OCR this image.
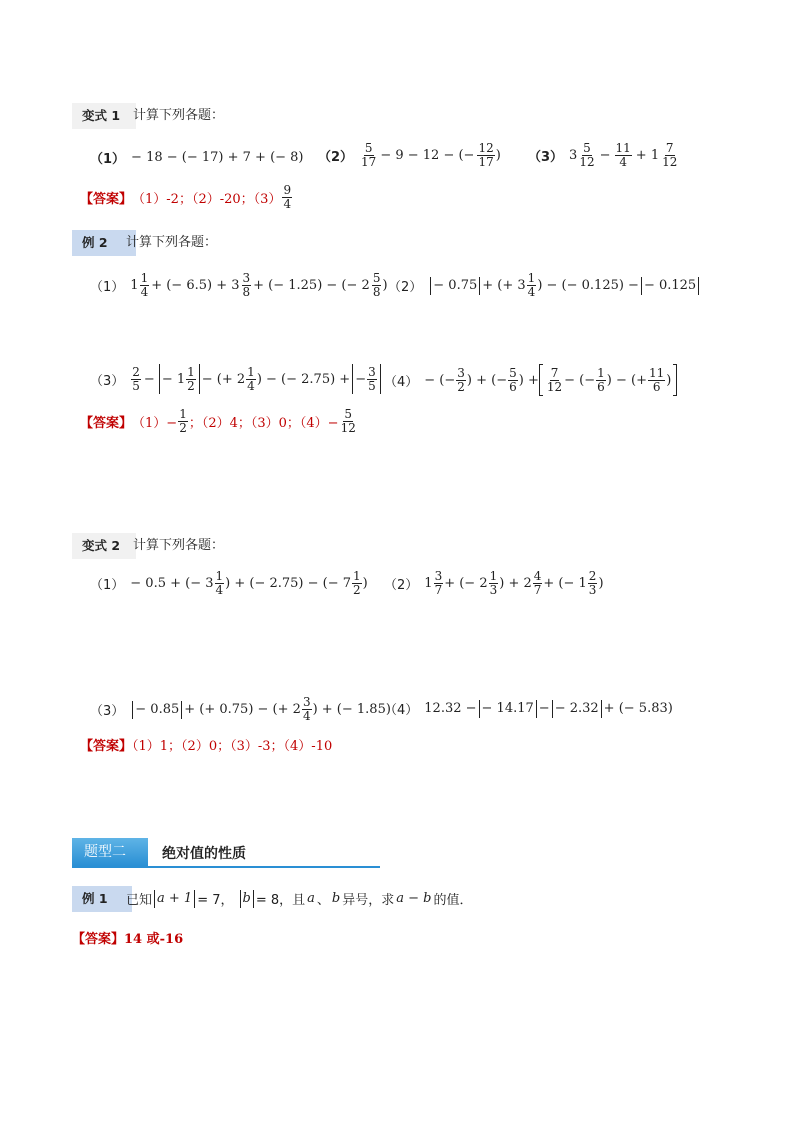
变式 1 计算下列各题：
（1） − 18 − (− 17) + 7 + (− 8) （2）
5
17 − 9 − 12 − (− $\frac{12}{17}$ ) （3） 3 5
$12 - \frac{11}{4} + 1$ 7
12
【答案】 （1）-2；（2）-20；（3）
9
4
例 2	计算下列各题：
（1） 1 1
4 + (− 6.5) + 3 3
8 + (− 1.25) − (− 2 5
8 ) （2） − 0.75 + (+ 3 1
4 ) − (− 0.125) − − 0.125
（3）
2
5 − − 1 1
2 − (+ 2 1
4 ) − (− 2.75) + − $\frac{3}{5} (4)$ − (− $\frac{3}{2}$ ) + (− $\frac{5}{6}$ ) + 7
12 − (− $\frac{1}{6}$ ) − (+ $\frac{11}{6}$ )
【答案】 $(1)- \frac{1}{2}$ ；（2）4；（3）0；$(4)- \frac{5}{12}$
变式 2 计算下列各题：
（1） − 0.5 + (− 3 1
4 ) + (− 2.75) − (− 7 1
2 ) （2） 1 3
7 + (− 2 1
3 ) + 2 4
7 + (− 1 2
3 )
（3） − 0.85 + (+ 0.75) − (+ 2 3
4 ) + (− 1.85)
（4） 12.32 − − 14.17 − − 2.32 + (− 5.83)
【答案】（1）1；（2）0；（3）-3；（4）-10
题型二	绝对值的性质
例 1	已知 a + 1 = 7， b = 8，且 a 、 b 异号，求 a − b 的值．
【答案】14 或-16
